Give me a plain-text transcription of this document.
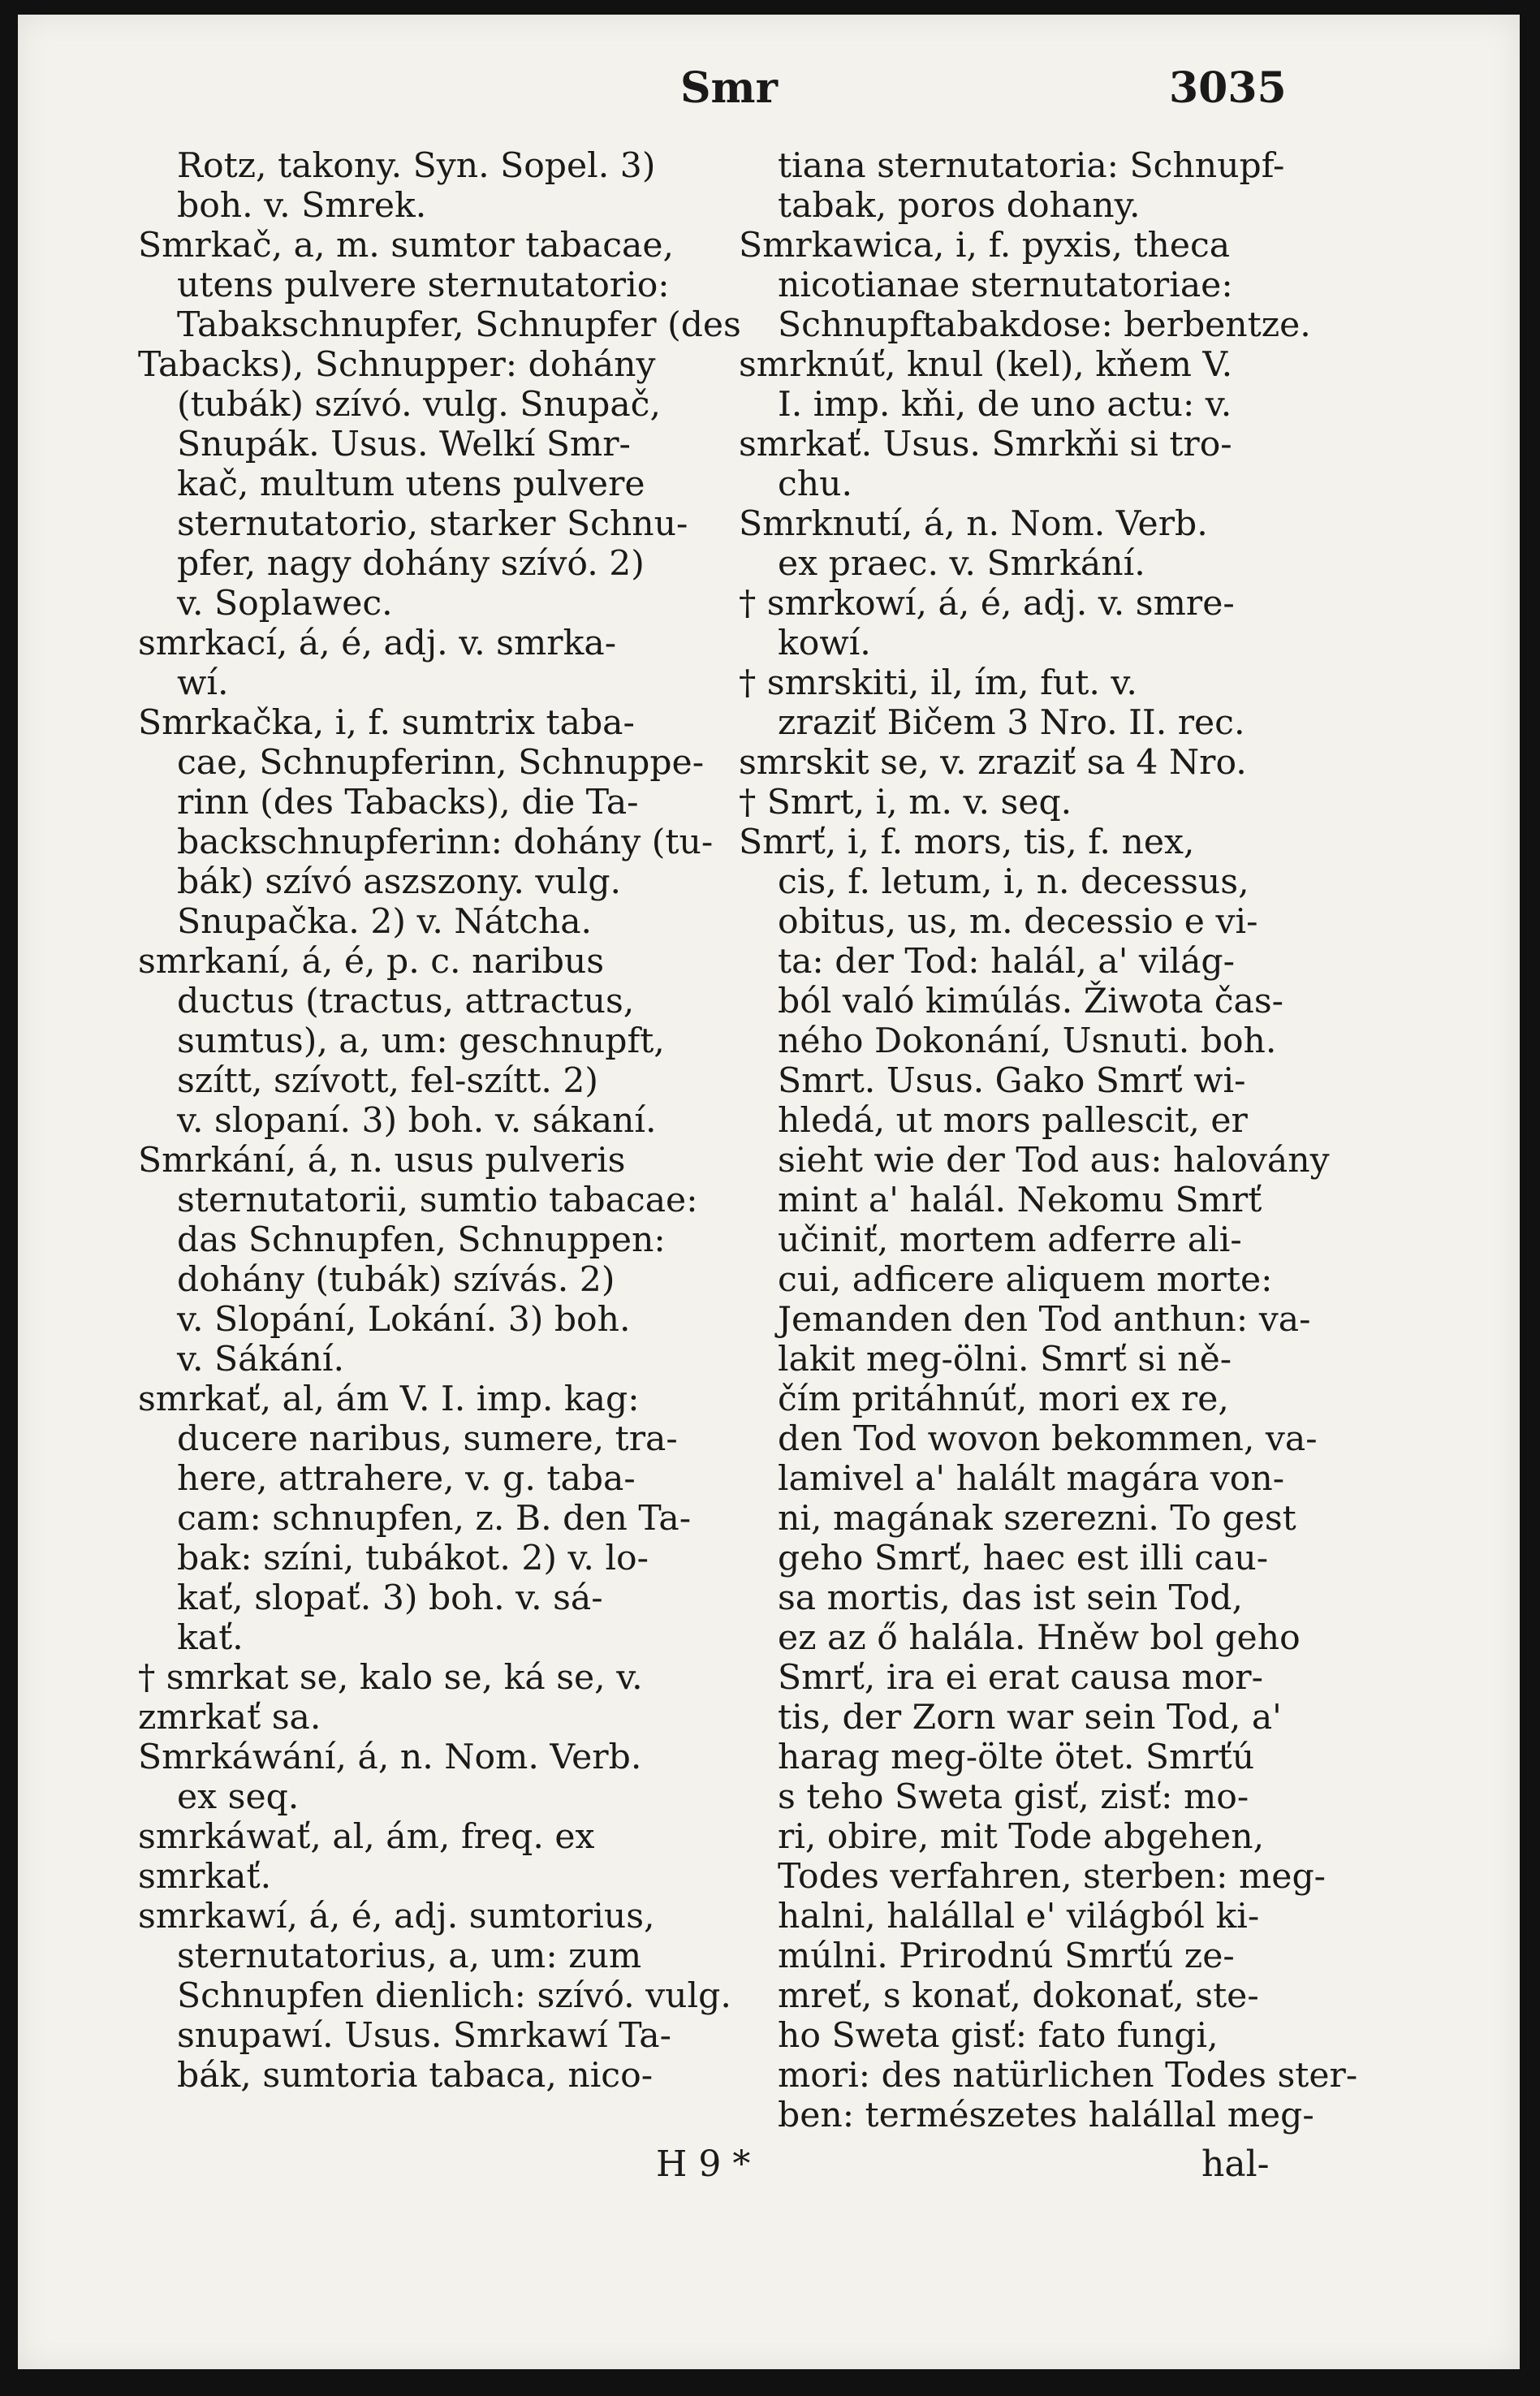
Smr	3035
Rotz, takony. Syn. Sopel. 3)
boh. v. Smrek.
Smrkač, a, m. sumtor tabacae,
utens pulvere sternutatorio:
Tabakschnupfer, Schnupfer (des
Tabacks), Schnupper: dohány
(tubák) szívó. vulg. Snupač,
Snupák. Usus. Welkí Smr-
kač, multum utens pulvere
sternutatorio, starker Schnu-
pfer, nagy dohány szívó. 2)
v. Soplawec.
smrkací, á, é, adj. v. smrka-
wí.
Smrkačka, i, f. sumtrix taba-
cae, Schnupferinn, Schnuppe-
rinn (des Tabacks), die Ta-
backschnupferinn: dohány (tu-
bák) szívó aszszony. vulg.
Snupačka. 2) v. Nátcha.
smrkaní, á, é, p. c. naribus
ductus (tractus, attractus,
sumtus), a, um: geschnupft,
szítt, szívott, fel-szítt. 2)
v. slopaní. 3) boh. v. sákaní.
Smrkání, á, n. usus pulveris
sternutatorii, sumtio tabacae:
das Schnupfen, Schnuppen:
dohány (tubák) szívás. 2)
v. Slopání, Lokání. 3) boh.
v. Sákání.
smrkať, al, ám V. I. imp. kag:
ducere naribus, sumere, tra-
here, attrahere, v. g. taba-
cam: schnupfen, z. B. den Ta-
bak: színi, tubákot. 2) v. lo-
kať, slopať. 3) boh. v. sá-
kať.
† smrkat se, kalo se, ká se, v.
zmrkať sa.
Smrkáwání, á, n. Nom. Verb.
ex seq.
smrkáwať, al, ám, freq. ex
smrkať.
smrkawí, á, é, adj. sumtorius,
sternutatorius, a, um: zum
Schnupfen dienlich: szívó. vulg.
snupawí. Usus. Smrkawí Ta-
bák, sumtoria tabaca, nico-
tiana sternutatoria: Schnupf-
tabak, poros dohany.
Smrkawica, i, f. pyxis, theca
nicotianae sternutatoriae:
Schnupftabakdose: berbentze.
smrknúť, knul (kel), kňem V.
I. imp. kňi, de uno actu: v.
smrkať. Usus. Smrkňi si tro-
chu.
Smrknutí, á, n. Nom. Verb.
ex praec. v. Smrkání.
† smrkowí, á, é, adj. v. smre-
kowí.
† smrskiti, il, ím, fut. v.
zraziť Bičem 3 Nro. II. rec.
smrskit se, v. zraziť sa 4 Nro.
† Smrt, i, m. v. seq.
Smrť, i, f. mors, tis, f. nex,
cis, f. letum, i, n. decessus,
obitus, us, m. decessio e vi-
ta: der Tod: halál, a' világ-
ból való kimúlás. Žiwota čas-
ného Dokonání, Usnuti. boh.
Smrt. Usus. Gako Smrť wi-
hledá, ut mors pallescit, er
sieht wie der Tod aus: halovány
mint a' halál. Nekomu Smrť
učiniť, mortem adferre ali-
cui, adficere aliquem morte:
Jemanden den Tod anthun: va-
lakit meg-ölni. Smrť si ně-
čím pritáhnúť, mori ex re,
den Tod wovon bekommen, va-
lamivel a' halált magára von-
ni, magának szerezni. To gest
geho Smrť, haec est illi cau-
sa mortis, das ist sein Tod,
ez az ő halála. Hněw bol geho
Smrť, ira ei erat causa mor-
tis, der Zorn war sein Tod, a'
harag meg-ölte ötet. Smrťú
s teho Sweta gisť, zisť: mo-
ri, obire, mit Tode abgehen,
Todes verfahren, sterben: meg-
halni, halállal e' világból ki-
múlni. Prirodnú Smrťú ze-
mreť, s konať, dokonať, ste-
ho Sweta gisť: fato fungi,
mori: des natürlichen Todes ster-
ben: természetes halállal meg-
H 9 *	hal-
